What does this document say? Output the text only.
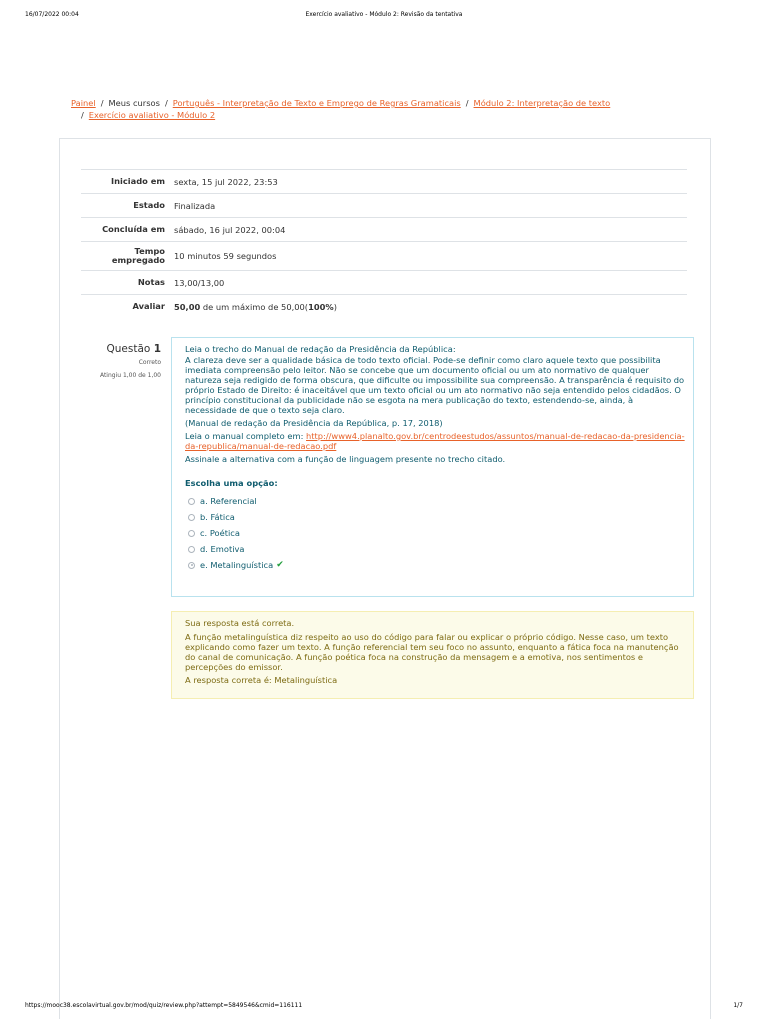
16/07/2022 00:04	Exercício avaliativo - Módulo 2: Revisão da tentativa
Painel / Meus cursos / Português - Interpretação de Texto e Emprego de Regras Gramaticais / Módulo 2: Interpretação de texto
/ Exercício avaliativo - Módulo 2
Iniciado em	sexta, 15 jul 2022, 23:53
Estado	Finalizada
Concluída em	sábado, 16 jul 2022, 00:04
Tempo empregado	10 minutos 59 segundos
Notas	13,00/13,00
Avaliar	50,00 de um máximo de 50,00(100%)
Questão 1
Correto
Atingiu 1,00 de 1,00

Leia o trecho do Manual de redação da Presidência da República:

A clareza deve ser a qualidade básica de todo texto oficial. Pode-se definir como claro aquele texto que possibilita imediata compreensão pelo leitor. Não se concebe que um documento oficial ou um ato normativo de qualquer natureza seja redigido de forma obscura, que dificulte ou impossibilite sua compreensão. A transparência é requisito do próprio Estado de Direito: é inaceitável que um texto oficial ou um ato normativo não seja entendido pelos cidadãos. O princípio constitucional da publicidade não se esgota na mera publicação do texto, estendendo-se, ainda, à necessidade de que o texto seja claro.

(Manual de redação da Presidência da República, p. 17, 2018)

Leia o manual completo em: http://www4.planalto.gov.br/centrodeestudos/assuntos/manual-de-redacao-da-presidencia-da-republica/manual-de-redacao.pdf

Assinale a alternativa com a função de linguagem presente no trecho citado.

Escolha uma opção:

a. Referencial
b. Fática
c. Poética
d. Emotiva
e. Metalinguística ✔

Sua resposta está correta.

A função metalinguística diz respeito ao uso do código para falar ou explicar o próprio código. Nesse caso, um texto explicando como fazer um texto. A função referencial tem seu foco no assunto, enquanto a fática foca na manutenção do canal de comunicação. A função poética foca na construção da mensagem e a emotiva, nos sentimentos e percepções do emissor.

A resposta correta é: Metalinguística

https://mooc38.escolavirtual.gov.br/mod/quiz/review.php?attempt=5849546&cmid=116111	1/7
